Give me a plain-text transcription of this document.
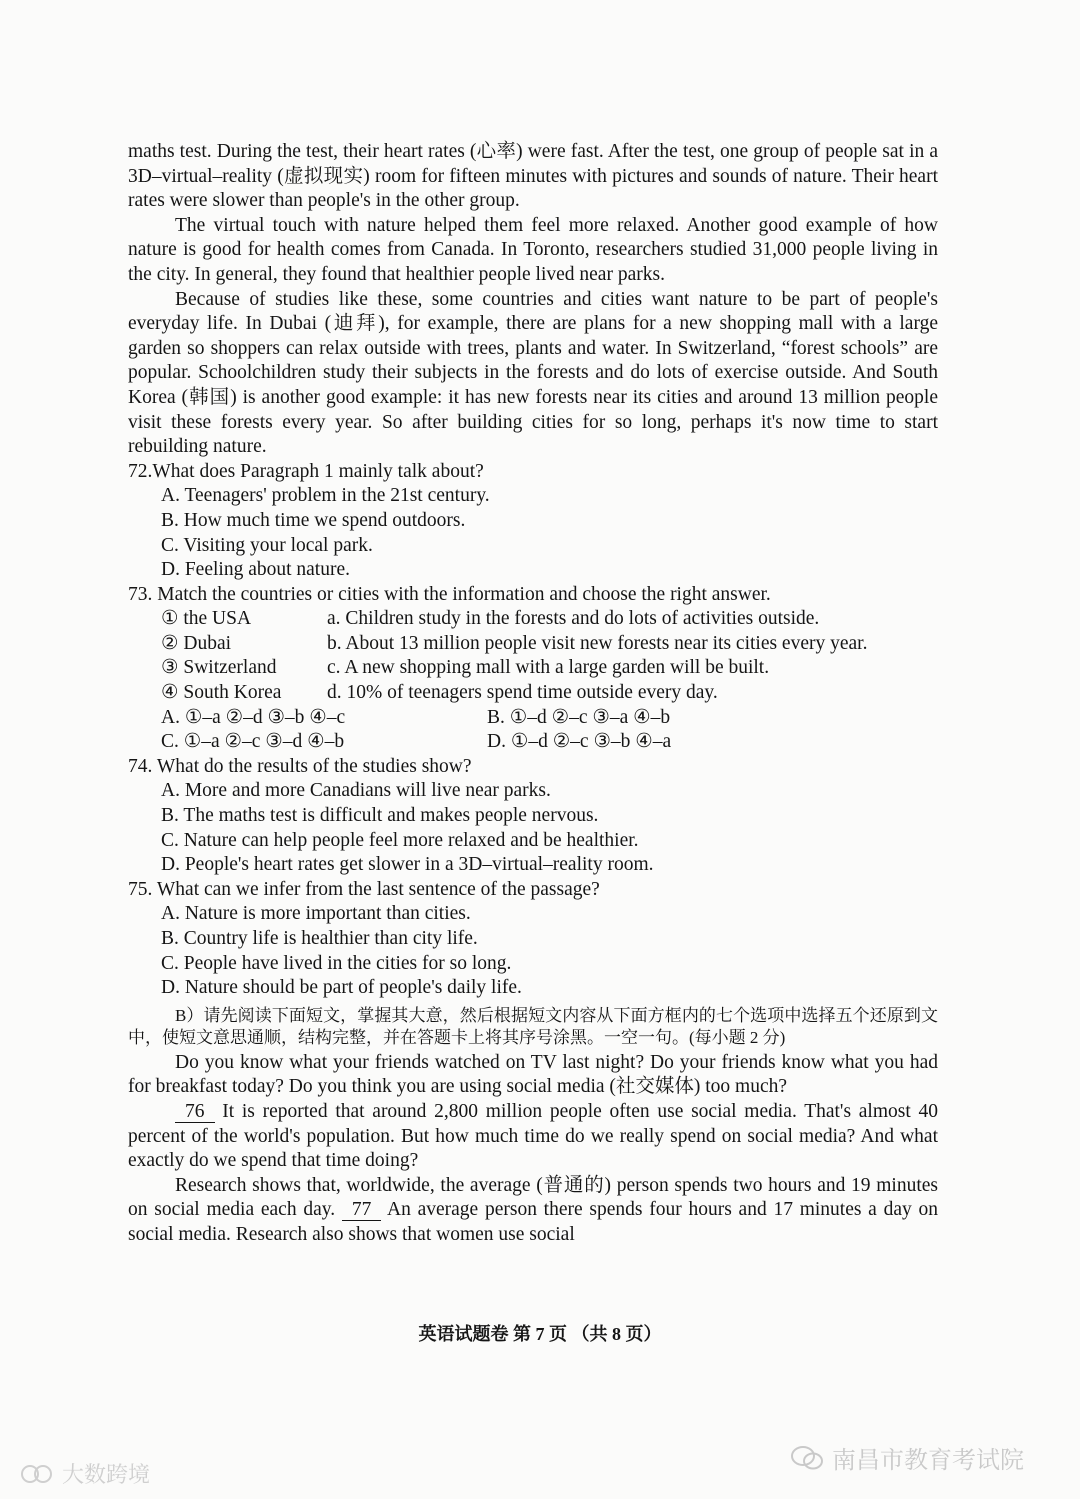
maths test. During the test, their heart rates (心率) were fast. After the test, one group of people sat in a 3D–virtual–reality (虚拟现实) room for fifteen minutes with pictures and sounds of nature. Their heart rates were slower than people's in the other group.

The virtual touch with nature helped them feel more relaxed. Another good example of how nature is good for health comes from Canada. In Toronto, researchers studied 31,000 people living in the city. In general, they found that healthier people lived near parks.

Because of studies like these, some countries and cities want nature to be part of people's everyday life. In Dubai (迪拜), for example, there are plans for a new shopping mall with a large garden so shoppers can relax outside with trees, plants and water. In Switzerland, “forest schools” are popular. Schoolchildren study their subjects in the forests and do lots of exercise outside. And South Korea (韩国) is another good example: it has new forests near its cities and around 13 million people visit these forests every year. So after building cities for so long, perhaps it's now time to start rebuilding nature.

72.What does Paragraph 1 mainly talk about?

A. Teenagers' problem in the 21st century.

B. How much time we spend outdoors.

C. Visiting your local park.

D. Feeling about nature.

73. Match the countries or cities with the information and choose the right answer.

① the USA	a. Children study in the forests and do lots of activities outside.
② Dubai	b. About 13 million people visit new forests near its cities every year.
③ Switzerland	c. A new shopping mall with a large garden will be built.
④ South Korea	d. 10% of teenagers spend time outside every day.
A. ①–a ②–d ③–b ④–c	B. ①–d ②–c ③–a ④–b
C. ①–a ②–c ③–d ④–b	D. ①–d ②–c ③–b ④–a

74. What do the results of the studies show?

A. More and more Canadians will live near parks.

B. The maths test is difficult and makes people nervous.

C. Nature can help people feel more relaxed and be healthier.

D. People's heart rates get slower in a 3D–virtual–reality room.

75. What can we infer from the last sentence of the passage?

A. Nature is more important than cities.

B. Country life is healthier than city life.

C. People have lived in the cities for so long.

D. Nature should be part of people's daily life.

B）请先阅读下面短文，掌握其大意，然后根据短文内容从下面方框内的七个选项中选择五个还原到文中，使短文意思通顺，结构完整，并在答题卡上将其序号涂黑。一空一句。(每小题 2 分)

Do you know what your friends watched on TV last night? Do your friends know what you had for breakfast today? Do you think you are using social media (社交媒体) too much?

76 It is reported that around 2,800 million people often use social media. That's almost 40 percent of the world's population. But how much time do we really spend on social media? And what exactly do we spend that time doing?

Research shows that, worldwide, the average (普通的) person spends two hours and 19 minutes on social media each day. 77 An average person there spends four hours and 17 minutes a day on social media. Research also shows that women use social

英语试题卷 第 7 页 （共 8 页）
南昌市教育考试院
大数跨境
